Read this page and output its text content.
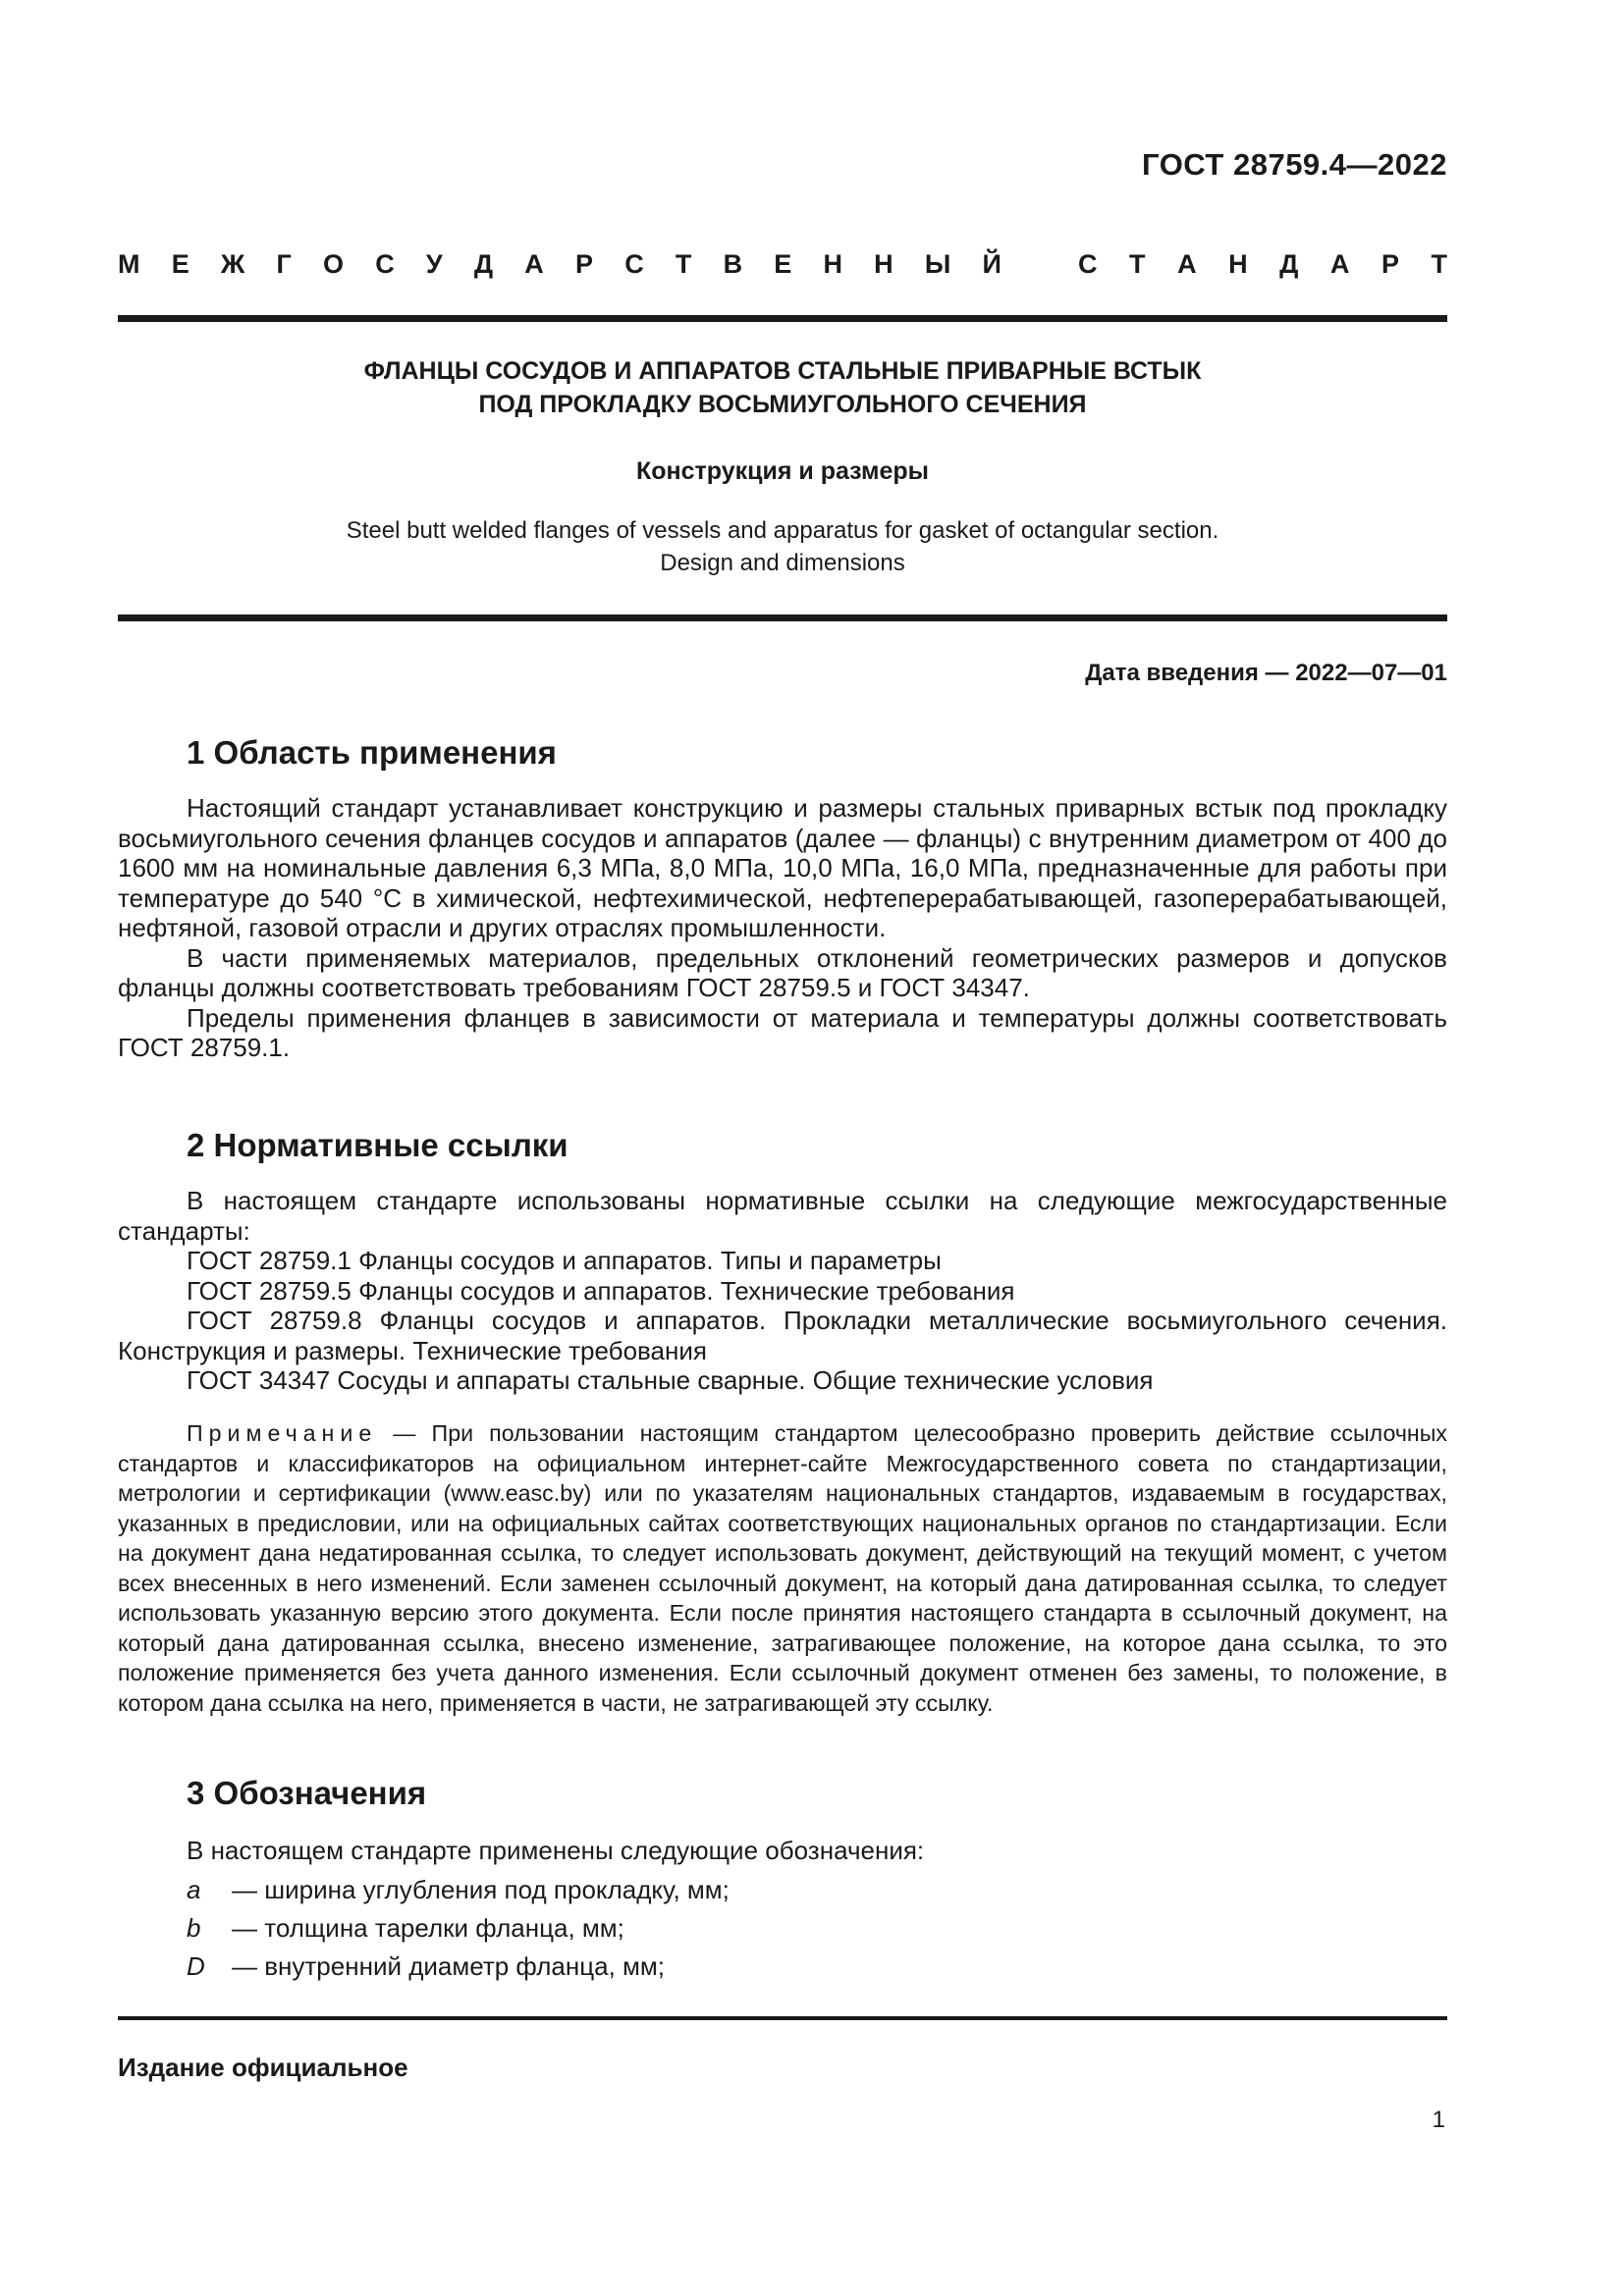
ГОСТ 28759.4—2022
М Е Ж Г О С У Д А Р С Т В Е Н Н Ы Й	С Т А Н Д А Р Т
ФЛАНЦЫ СОСУДОВ И АППАРАТОВ СТАЛЬНЫЕ ПРИВАРНЫЕ ВСТЫК
ПОД ПРОКЛАДКУ ВОСЬМИУГОЛЬНОГО СЕЧЕНИЯ
Конструкция и размеры
Steel butt welded flanges of vessels and apparatus for gasket of octangular section.
Design and dimensions
Дата введения — 2022—07—01
1 Область применения

Настоящий стандарт устанавливает конструкцию и размеры стальных приварных встык под прокладку восьмиугольного сечения фланцев сосудов и аппаратов (далее — фланцы) с внутренним диаметром от 400 до 1600 мм на номинальные давления 6,3 МПа, 8,0 МПа, 10,0 МПа, 16,0 МПа, предназначенные для работы при температуре до 540 °С в химической, нефтехимической, нефтеперерабатывающей, газоперерабатывающей, нефтяной, газовой отрасли и других отраслях промышленности.

В части применяемых материалов, предельных отклонений геометрических размеров и допусков фланцы должны соответствовать требованиям ГОСТ 28759.5 и ГОСТ 34347.

Пределы применения фланцев в зависимости от материала и температуры должны соответствовать ГОСТ 28759.1.

2 Нормативные ссылки

В настоящем стандарте использованы нормативные ссылки на следующие межгосударственные стандарты:

ГОСТ 28759.1 Фланцы сосудов и аппаратов. Типы и параметры
ГОСТ 28759.5 Фланцы сосудов и аппаратов. Технические требования
ГОСТ 28759.8 Фланцы сосудов и аппаратов. Прокладки металлические восьмиугольного сечения. Конструкция и размеры. Технические требования
ГОСТ 34347 Сосуды и аппараты стальные сварные. Общие технические условия

Примечание — При пользовании настоящим стандартом целесообразно проверить действие ссылочных стандартов и классификаторов на официальном интернет-сайте Межгосударственного совета по стандартизации, метрологии и сертификации (www.easc.by) или по указателям национальных стандартов, издаваемым в государствах, указанных в предисловии, или на официальных сайтах соответствующих национальных органов по стандартизации. Если на документ дана недатированная ссылка, то следует использовать документ, действующий на текущий момент, с учетом всех внесенных в него изменений. Если заменен ссылочный документ, на который дана датированная ссылка, то следует использовать указанную версию этого документа. Если после принятия настоящего стандарта в ссылочный документ, на который дана датированная ссылка, внесено изменение, затрагивающее положение, на которое дана ссылка, то это положение применяется без учета данного изменения. Если ссылочный документ отменен без замены, то положение, в котором дана ссылка на него, применяется в части, не затрагивающей эту ссылку.

3 Обозначения

В настоящем стандарте применены следующие обозначения:

a	— ширина углубления под прокладку, мм;
b	— толщина тарелки фланца, мм;
D	— внутренний диаметр фланца, мм;
Издание официальное
1
